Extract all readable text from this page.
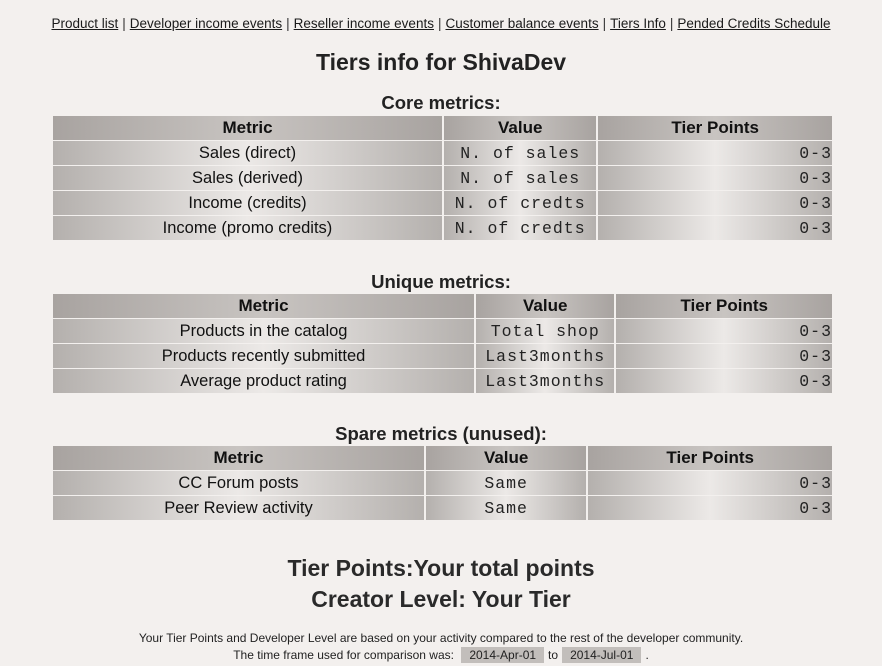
Product list | Developer income events | Reseller income events | Customer balance events | Tiers Info | Pended Credits Schedule
Tiers info for ShivaDev
Core metrics:
Metric	Value	Tier Points
Sales (direct)	N. of sales	0-3
Sales (derived)	N. of sales	0-3
Income (credits)	N. of credts	0-3
Income (promo credits)	N. of credts	0-3
Unique metrics:
Metric	Value	Tier Points
Products in the catalog	Total shop	0-3
Products recently submitted	Last3months	0-3
Average product rating	Last3months	0-3
Spare metrics (unused):
Metric	Value	Tier Points
CC Forum posts	Same	0-3
Peer Review activity	Same	0-3
Tier Points:Your total points
Creator Level: Your Tier
Your Tier Points and Developer Level are based on your activity compared to the rest of the developer community.
The time frame used for comparison was: 2014-Apr-01 to 2014-Jul-01 .
